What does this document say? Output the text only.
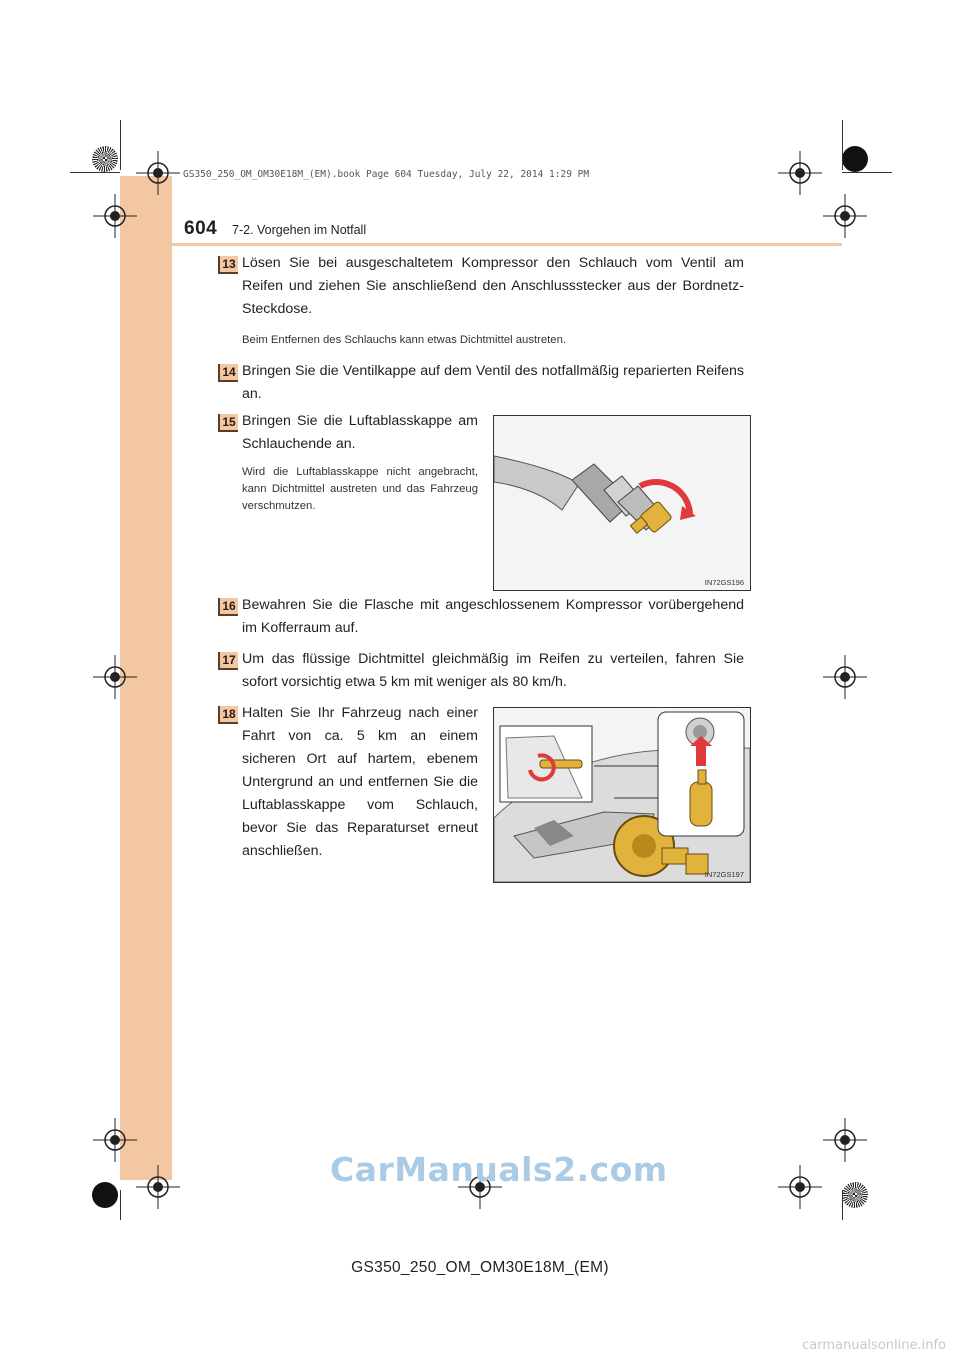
GS350_250_OM_OM30E18M_(EM).book Page 604 Tuesday, July 22, 2014 1:29 PM
604 7-2. Vorgehen im Notfall
13 Lösen Sie bei ausgeschaltetem Kompressor den Schlauch vom Ventil am Reifen und ziehen Sie anschließend den Anschlussstecker aus der Bordnetz-Steckdose.
Beim Entfernen des Schlauchs kann etwas Dichtmittel austreten.
14 Bringen Sie die Ventilkappe auf dem Ventil des notfallmäßig reparierten Reifens an.
15 Bringen Sie die Luftablasskappe am Schlauchende an.
Wird die Luftablasskappe nicht angebracht, kann Dichtmittel austreten und das Fahrzeug verschmutzen.
IN72GS196
16 Bewahren Sie die Flasche mit angeschlossenem Kompressor vorübergehend im Kofferraum auf.
17 Um das flüssige Dichtmittel gleichmäßig im Reifen zu verteilen, fahren Sie sofort vorsichtig etwa 5 km mit weniger als 80 km/h.
18 Halten Sie Ihr Fahrzeug nach einer Fahrt von ca. 5 km an einem sicheren Ort auf hartem, ebenem Untergrund an und entfernen Sie die Luftablasskappe vom Schlauch, bevor Sie das Reparaturset erneut anschließen.
IN72GS197
CarManuals2.com
GS350_250_OM_OM30E18M_(EM)
carmanualsonline.info
